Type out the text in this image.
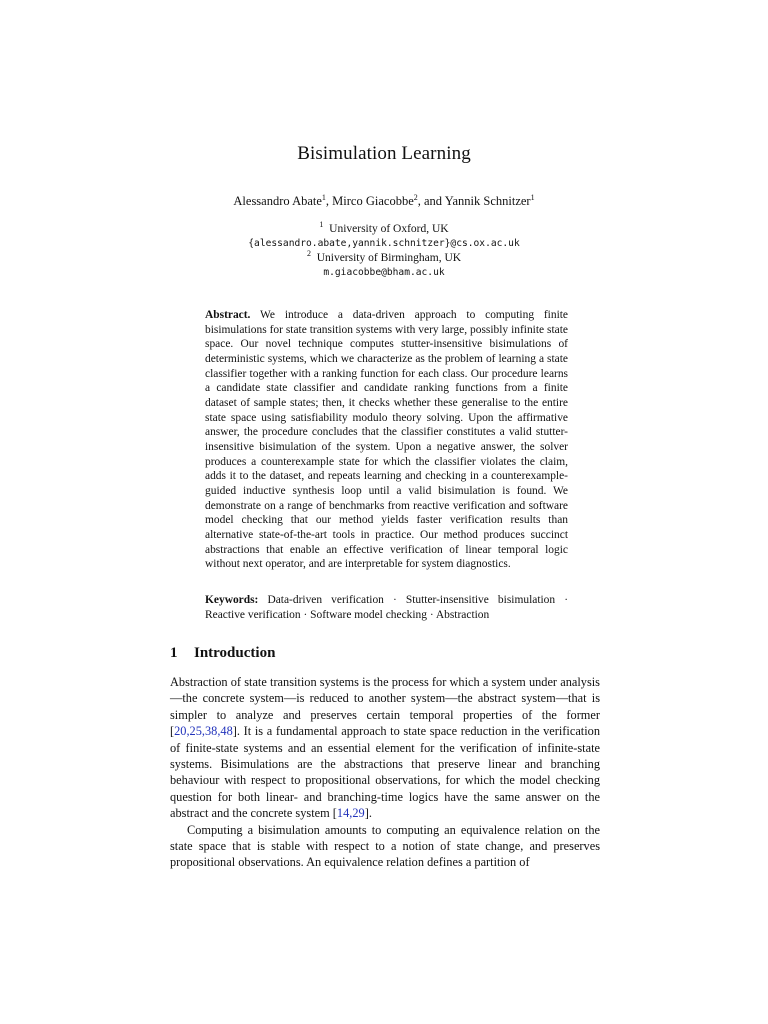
Bisimulation Learning
Alessandro Abate$^1$, Mirco Giacobbe$^2$, and Yannik Schnitzer$^1$
$^1$ University of Oxford, UK
{alessandro.abate,yannik.schnitzer}@cs.ox.ac.uk
$^2$ University of Birmingham, UK
m.giacobbe@bham.ac.uk

Abstract. We introduce a data-driven approach to computing finite bisimulations for state transition systems with very large, possibly infinite state space. Our novel technique computes stutter-insensitive bisimulations of deterministic systems, which we characterize as the problem of learning a state classifier together with a ranking function for each class. Our procedure learns a candidate state classifier and candidate ranking functions from a finite dataset of sample states; then, it checks whether these generalise to the entire state space using satisfiability modulo theory solving. Upon the affirmative answer, the procedure concludes that the classifier constitutes a valid stutter-insensitive bisimulation of the system. Upon a negative answer, the solver produces a counterexample state for which the classifier violates the claim, adds it to the dataset, and repeats learning and checking in a counterexample-guided inductive synthesis loop until a valid bisimulation is found. We demonstrate on a range of benchmarks from reactive verification and software model checking that our method yields faster verification results than alternative state-of-the-art tools in practice. Our method produces succinct abstractions that enable an effective verification of linear temporal logic without next operator, and are interpretable for system diagnostics.

Keywords: Data-driven verification · Stutter-insensitive bisimulation · Reactive verification · Software model checking · Abstraction

1 Introduction

Abstraction of state transition systems is the process for which a system under analysis—the concrete system—is reduced to another system—the abstract system—that is simpler to analyze and preserves certain temporal properties of the former [20,25,38,48]. It is a fundamental approach to state space reduction in the verification of finite-state systems and an essential element for the verification of infinite-state systems. Bisimulations are the abstractions that preserve linear and branching behaviour with respect to propositional observations, for which the model checking question for both linear- and branching-time logics have the same answer on the abstract and the concrete system [14,29].

Computing a bisimulation amounts to computing an equivalence relation on the state space that is stable with respect to a notion of state change, and preserves propositional observations. An equivalence relation defines a partition of
